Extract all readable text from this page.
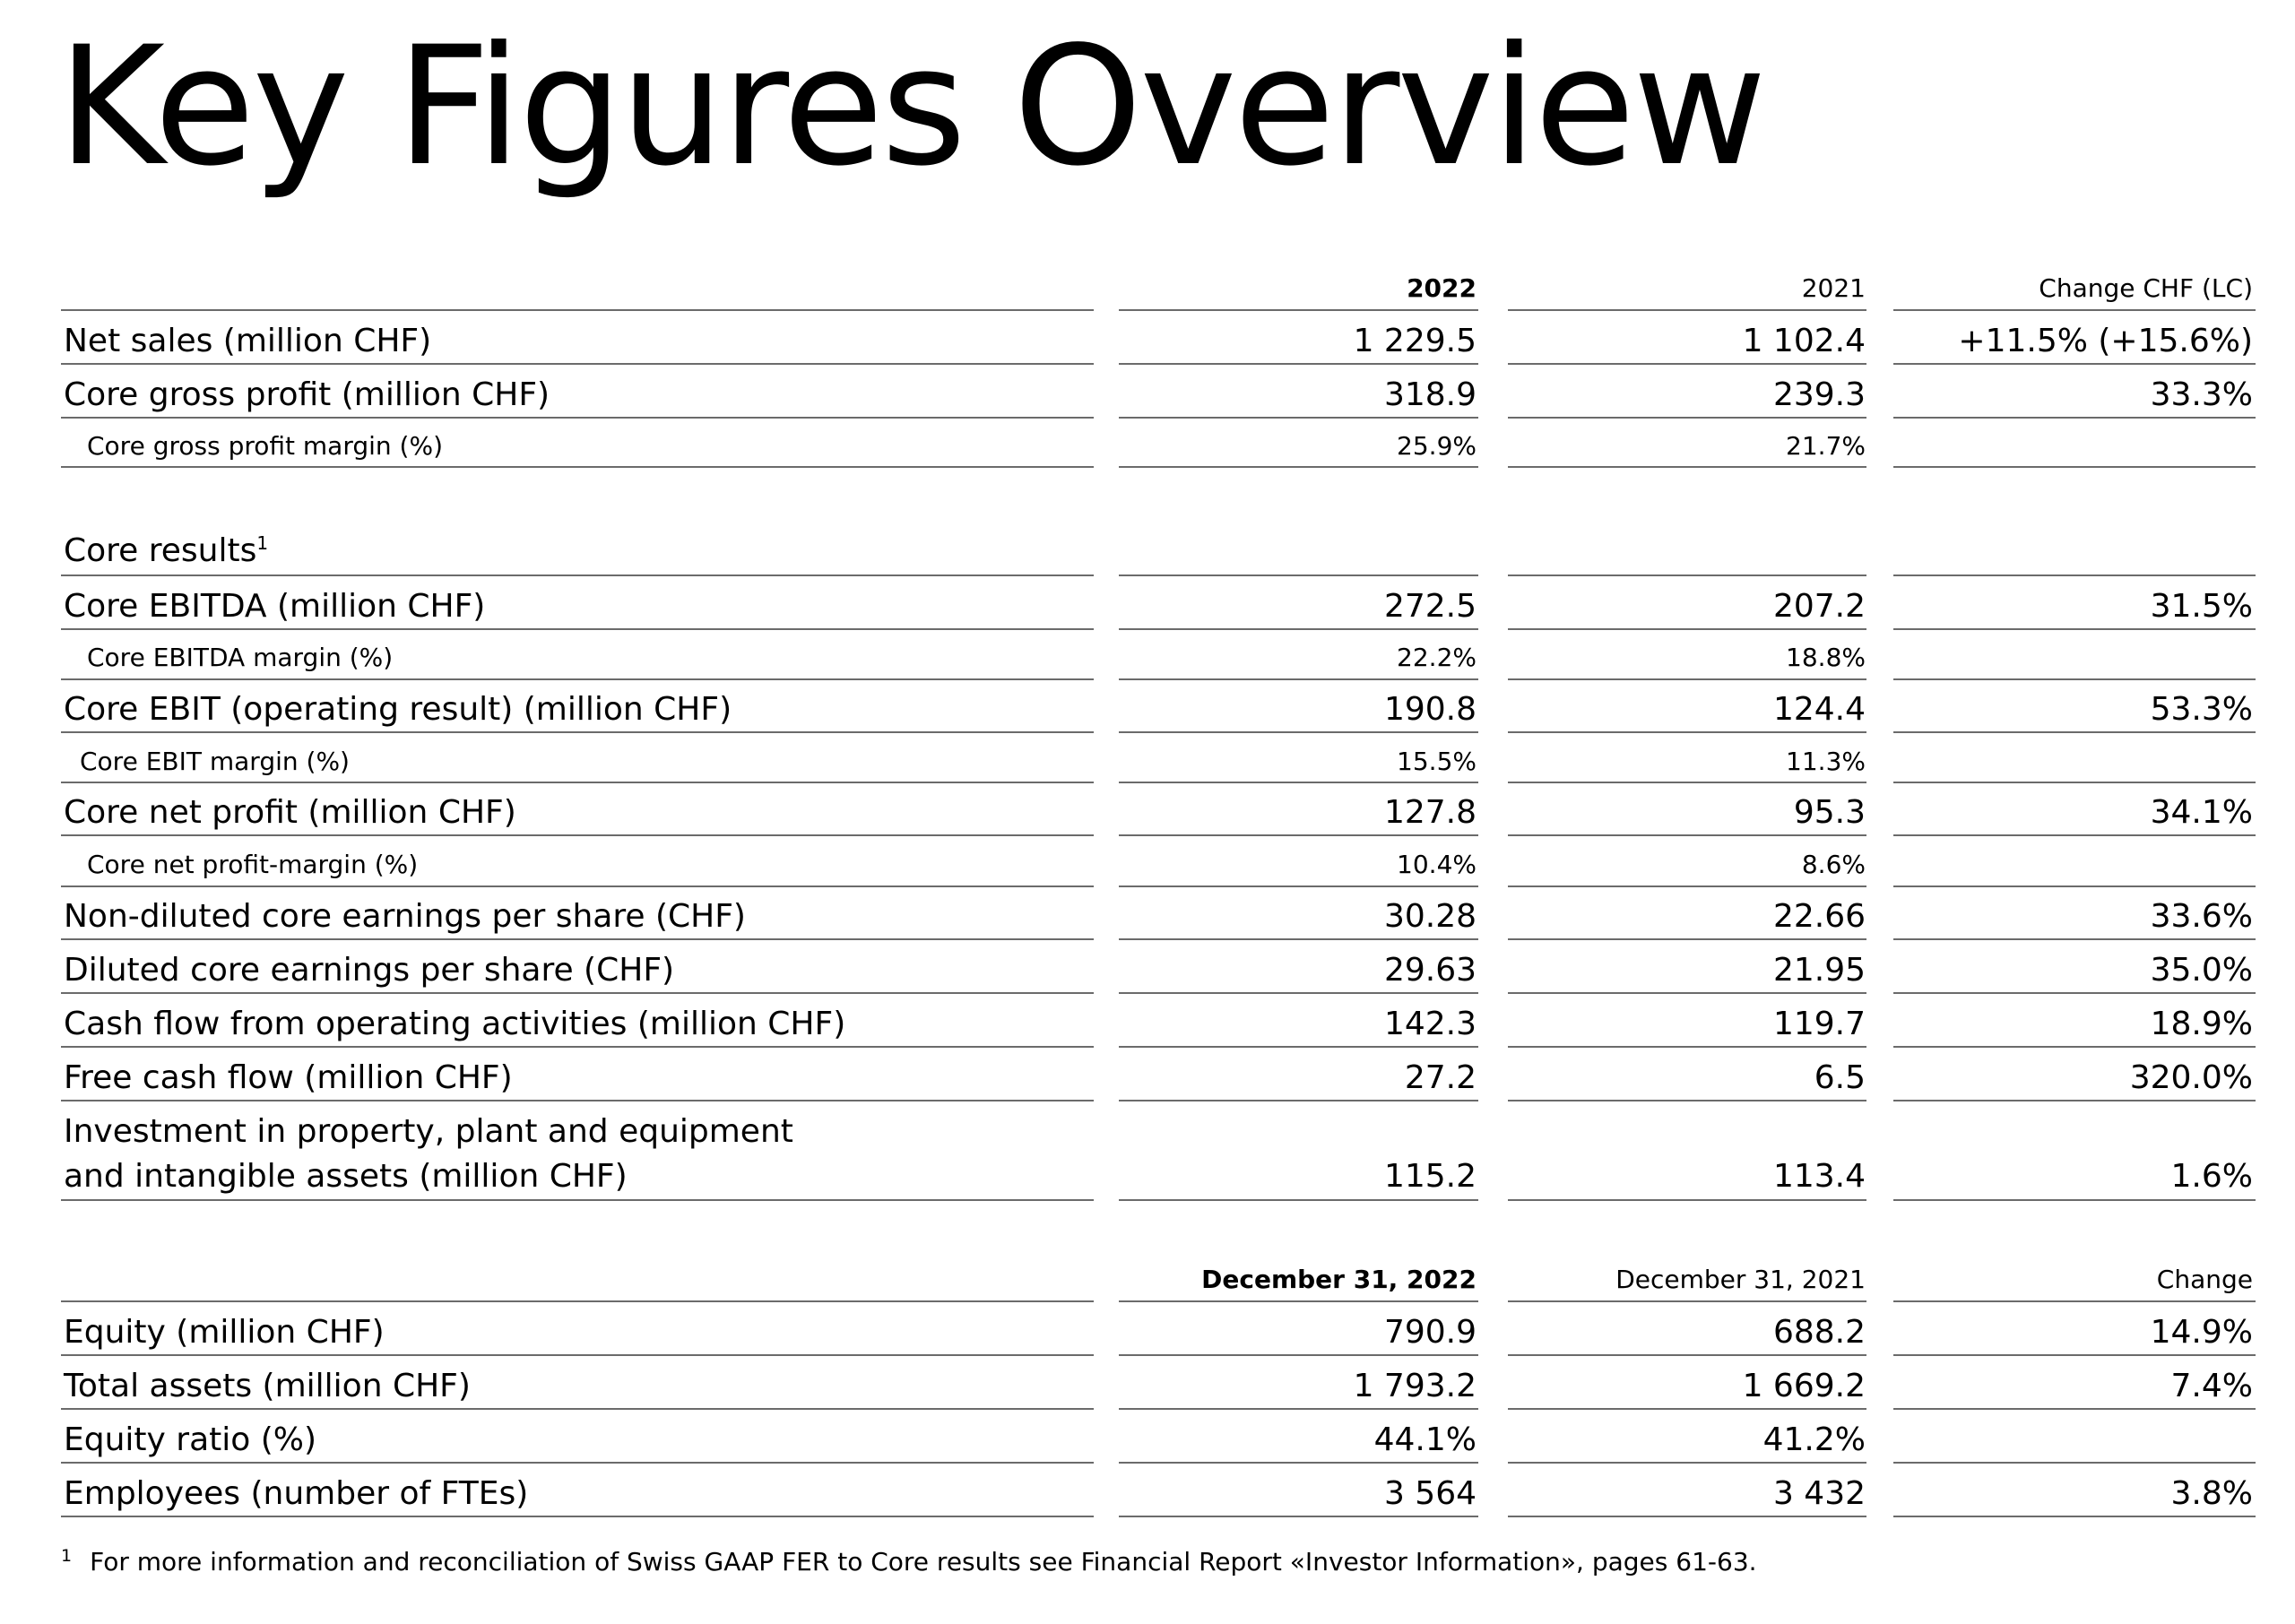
Key Figures Overview
2022	2021	Change CHF (LC)
Net sales (million CHF)	1 229.5	1 102.4	+11.5% (+15.6%)
Core gross profit (million CHF)	318.9	239.3	33.3%
Core gross profit margin (%)	25.9%	21.7%
Core results$^1$
Core EBITDA (million CHF)	272.5	207.2	31.5%
Core EBITDA margin (%)	22.2%	18.8%
Core EBIT (operating result) (million CHF)	190.8	124.4	53.3%
Core EBIT margin (%)	15.5%	11.3%
Core net profit (million CHF)	127.8	95.3	34.1%
Core net profit-margin (%)	10.4%	8.6%
Non-diluted core earnings per share (CHF)	30.28	22.66	33.6%
Diluted core earnings per share (CHF)	29.63	21.95	35.0%
Cash flow from operating activities (million CHF)	142.3	119.7	18.9%
Free cash flow (million CHF)	27.2	6.5	320.0%
Investment in property, plant and equipment
and intangible assets (million CHF)	115.2	113.4	1.6%
December 31, 2022	December 31, 2021	Change
Equity (million CHF)	790.9	688.2	14.9%
Total assets (million CHF)	1 793.2	1 669.2	7.4%
Equity ratio (%)	44.1%	41.2%
Employees (number of FTEs)	3 564	3 432	3.8%
$^1$ For more information and reconciliation of Swiss GAAP FER to Core results see Financial Report «Investor Information», pages 61-63.
